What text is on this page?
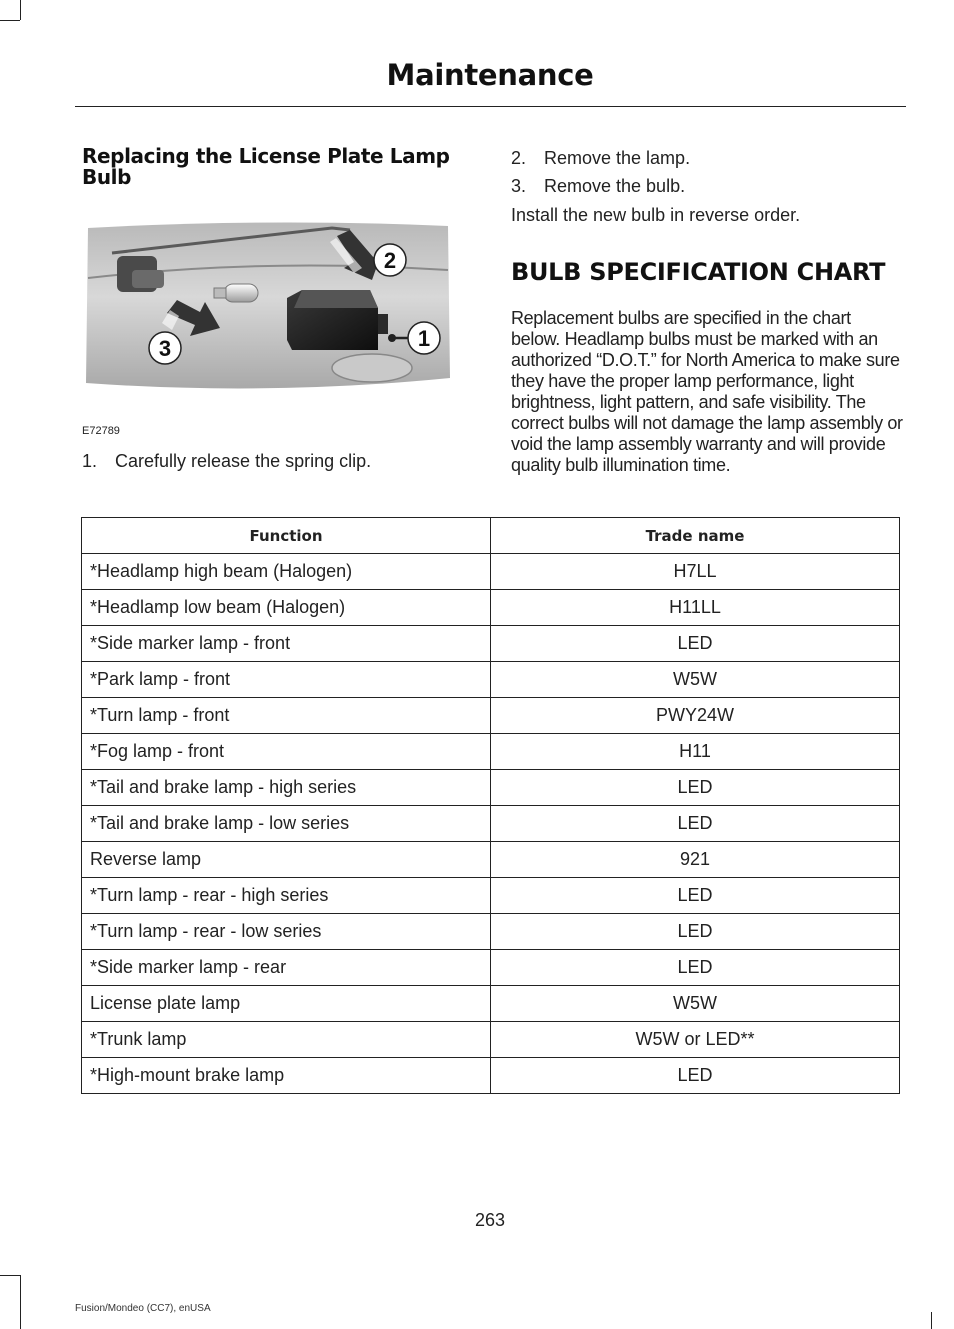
Maintenance
Replacing the License Plate Lamp Bulb
2
1
3
E72789
1. Carefully release the spring clip.
2. Remove the lamp.
3. Remove the bulb.
Install the new bulb in reverse order.
BULB SPECIFICATION CHART

Replacement bulbs are specified in the chart below. Headlamp bulbs must be marked with an authorized “D.O.T.” for North America to make sure they have the proper lamp performance, light brightness, light pattern, and safe visibility. The correct bulbs will not damage the lamp assembly or void the lamp assembly warranty and will provide quality bulb illumination time.

Function	Trade name
*Headlamp high beam (Halogen)	H7LL
*Headlamp low beam (Halogen)	H11LL
*Side marker lamp - front	LED
*Park lamp - front	W5W
*Turn lamp - front	PWY24W
*Fog lamp - front	H11
*Tail and brake lamp - high series	LED
*Tail and brake lamp - low series	LED
Reverse lamp	921
*Turn lamp - rear - high series	LED
*Turn lamp - rear - low series	LED
*Side marker lamp - rear	LED
License plate lamp	W5W
*Trunk lamp	W5W or LED**
*High-mount brake lamp	LED
263
Fusion/Mondeo (CC7), enUSA
